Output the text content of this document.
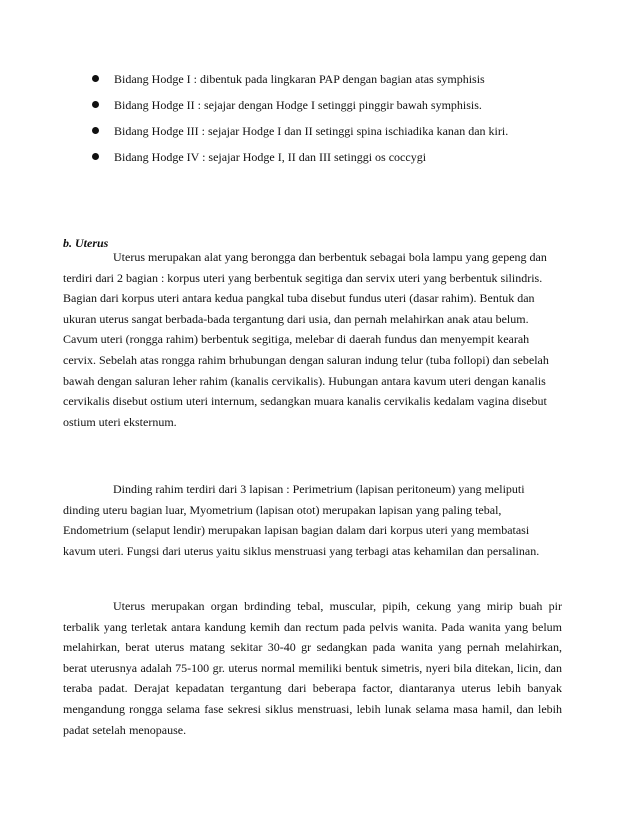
Bidang Hodge I : dibentuk pada lingkaran PAP dengan bagian atas symphisis
Bidang Hodge II : sejajar dengan Hodge I setinggi pinggir bawah symphisis.
Bidang Hodge III : sejajar Hodge I dan II setinggi spina ischiadika kanan dan kiri.
Bidang Hodge IV : sejajar Hodge I, II dan III setinggi os coccygi
b. Uterus

Uterus merupakan alat yang berongga dan berbentuk sebagai bola lampu yang gepeng dan terdiri dari 2 bagian : korpus uteri yang berbentuk segitiga dan servix uteri yang berbentuk silindris. Bagian dari korpus uteri antara kedua pangkal tuba disebut fundus uteri (dasar rahim). Bentuk dan ukuran uterus sangat berbada-bada tergantung dari usia, dan pernah melahirkan anak atau belum. Cavum uteri (rongga rahim) berbentuk segitiga, melebar di daerah fundus dan menyempit kearah cervix. Sebelah atas rongga rahim brhubungan dengan saluran indung telur (tuba follopi) dan sebelah bawah dengan saluran leher rahim (kanalis cervikalis). Hubungan antara kavum uteri dengan kanalis cervikalis disebut ostium uteri internum, sedangkan muara kanalis cervikalis kedalam vagina disebut ostium uteri eksternum.

Dinding rahim terdiri dari 3 lapisan : Perimetrium (lapisan peritoneum) yang meliputi dinding uteru bagian luar, Myometrium (lapisan otot) merupakan lapisan yang paling tebal, Endometrium (selaput lendir) merupakan lapisan bagian dalam dari korpus uteri yang membatasi kavum uteri. Fungsi dari uterus yaitu siklus menstruasi yang terbagi atas kehamilan dan persalinan.

Uterus merupakan organ brdinding tebal, muscular, pipih, cekung yang mirip buah pir terbalik yang terletak antara kandung kemih dan rectum pada pelvis wanita. Pada wanita yang belum melahirkan, berat uterus matang sekitar 30-40 gr sedangkan pada wanita yang pernah melahirkan, berat uterusnya adalah 75-100 gr. uterus normal memiliki bentuk simetris, nyeri bila ditekan, licin, dan teraba padat. Derajat kepadatan tergantung dari beberapa factor, diantaranya uterus lebih banyak mengandung rongga selama fase sekresi siklus menstruasi, lebih lunak selama masa hamil, dan lebih padat setelah menopause.
